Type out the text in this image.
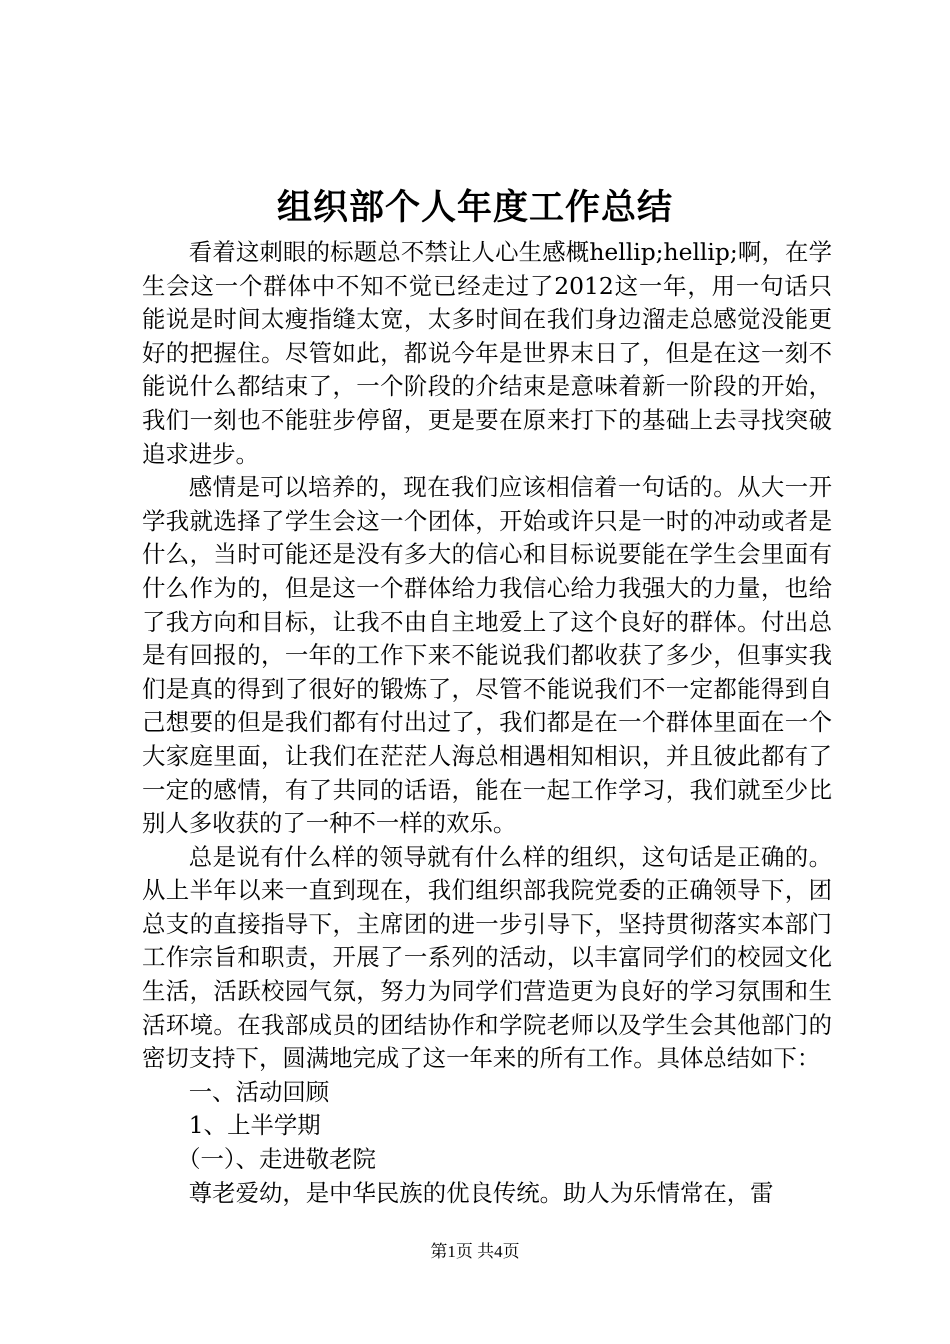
组织部个人年度工作总结

看着这刺眼的标题总不禁让人心生感概hellip;hellip;啊，在学生会这一个群体中不知不觉已经走过了2012这一年，用一句话只能说是时间太瘦指缝太宽，太多时间在我们身边溜走总感觉没能更好的把握住。尽管如此，都说今年是世界末日了，但是在这一刻不能说什么都结束了，一个阶段的介结束是意味着新一阶段的开始，我们一刻也不能驻步停留，更是要在原来打下的基础上去寻找突破追求进步。

感情是可以培养的，现在我们应该相信着一句话的。从大一开学我就选择了学生会这一个团体，开始或许只是一时的冲动或者是什么，当时可能还是没有多大的信心和目标说要能在学生会里面有什么作为的，但是这一个群体给力我信心给力我强大的力量，也给了我方向和目标，让我不由自主地爱上了这个良好的群体。付出总是有回报的，一年的工作下来不能说我们都收获了多少，但事实我们是真的得到了很好的锻炼了，尽管不能说我们不一定都能得到自己想要的但是我们都有付出过了，我们都是在一个群体里面在一个大家庭里面，让我们在茫茫人海总相遇相知相识，并且彼此都有了一定的感情，有了共同的话语，能在一起工作学习，我们就至少比别人多收获的了一种不一样的欢乐。

总是说有什么样的领导就有什么样的组织，这句话是正确的。从上半年以来一直到现在，我们组织部我院党委的正确领导下，团总支的直接指导下，主席团的进一步引导下，坚持贯彻落实本部门工作宗旨和职责，开展了一系列的活动，以丰富同学们的校园文化生活，活跃校园气氛，努力为同学们营造更为良好的学习氛围和生活环境。在我部成员的团结协作和学院老师以及学生会其他部门的密切支持下，圆满地完成了这一年来的所有工作。具体总结如下：

一、活动回顾

1、上半学期

（一）、走进敬老院

尊老爱幼，是中华民族的优良传统。助人为乐情常在，雷

第1页 共4页
